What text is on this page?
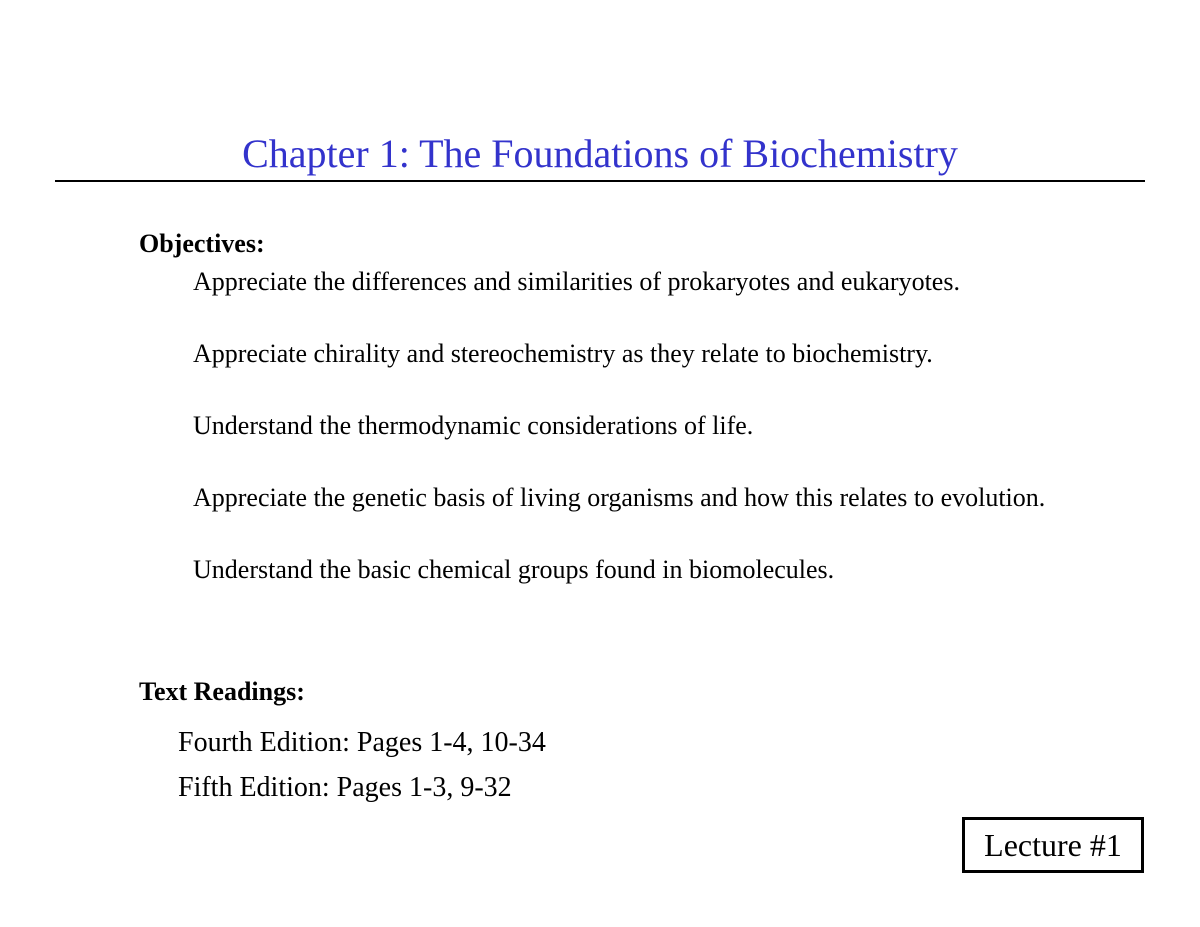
Chapter 1: The Foundations of Biochemistry
Objectives:
Appreciate the differences and similarities of prokaryotes and eukaryotes.
Appreciate chirality and stereochemistry as they relate to biochemistry.
Understand the thermodynamic considerations of life.
Appreciate the genetic basis of living organisms and how this relates to evolution.
Understand the basic chemical groups found in biomolecules.
Text Readings:
Fourth Edition: Pages 1-4, 10-34
Fifth Edition: Pages 1-3, 9-32
Lecture #1
